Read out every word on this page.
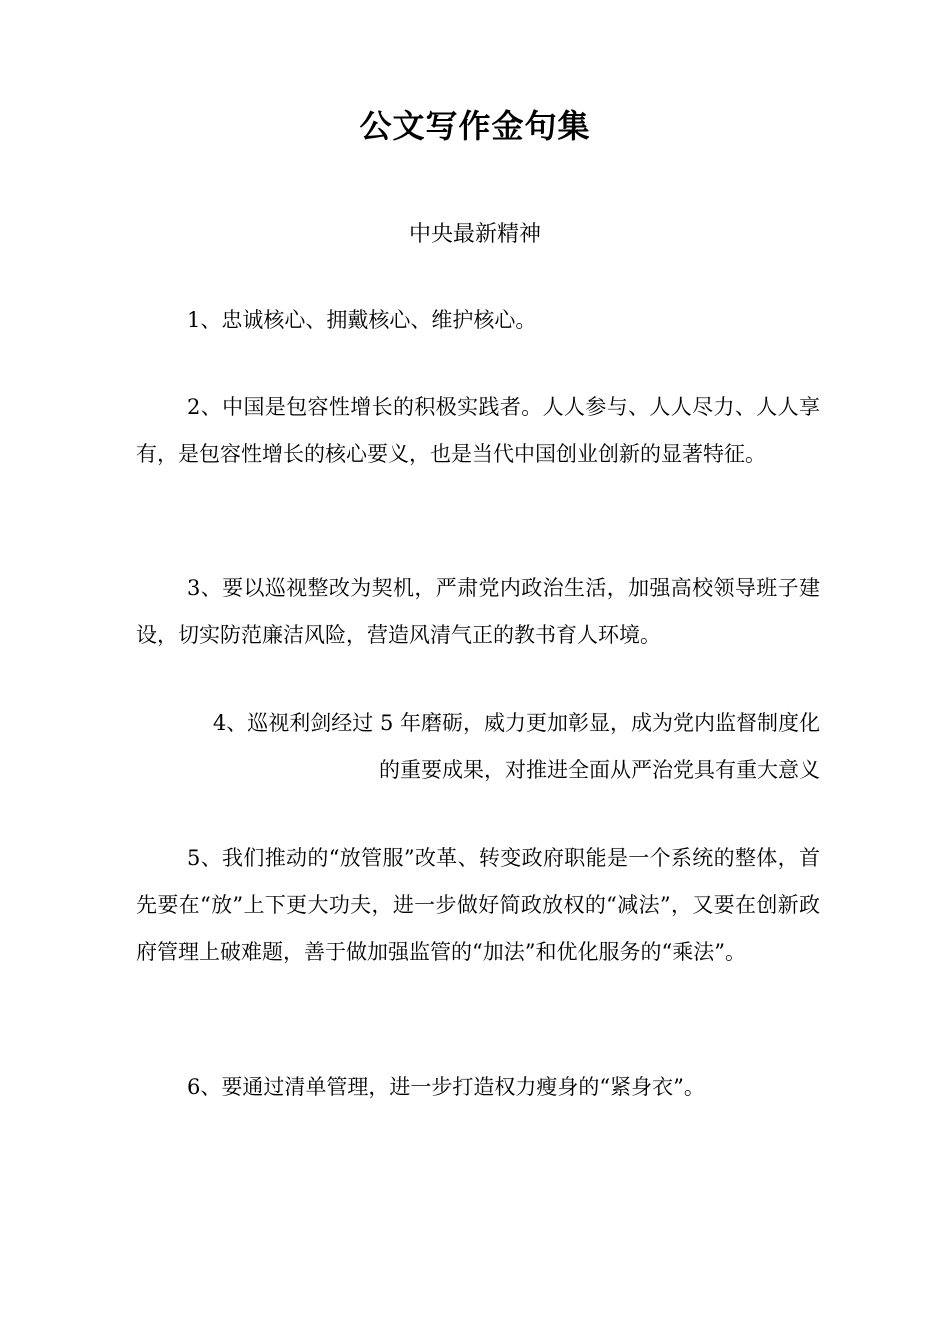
公文写作金句集
中央最新精神
1、忠诚核心、拥戴核心、维护核心。
2、中国是包容性增长的积极实践者。人人参与、人人尽力、人人享有，是包容性增长的核心要义，也是当代中国创业创新的显著特征。
3、要以巡视整改为契机，严肃党内政治生活，加强高校领导班子建设，切实防范廉洁风险，营造风清气正的教书育人环境。
4、巡视利剑经过 5 年磨砺，威力更加彰显，成为党内监督制度化
的重要成果，对推进全面从严治党具有重大意义
5、我们推动的“放管服”改革、转变政府职能是一个系统的整体，首先要在“放”上下更大功夫，进一步做好简政放权的“减法”，又要在创新政府管理上破难题，善于做加强监管的“加法”和优化服务的“乘法”。
6、要通过清单管理，进一步打造权力瘦身的“紧身衣”。
